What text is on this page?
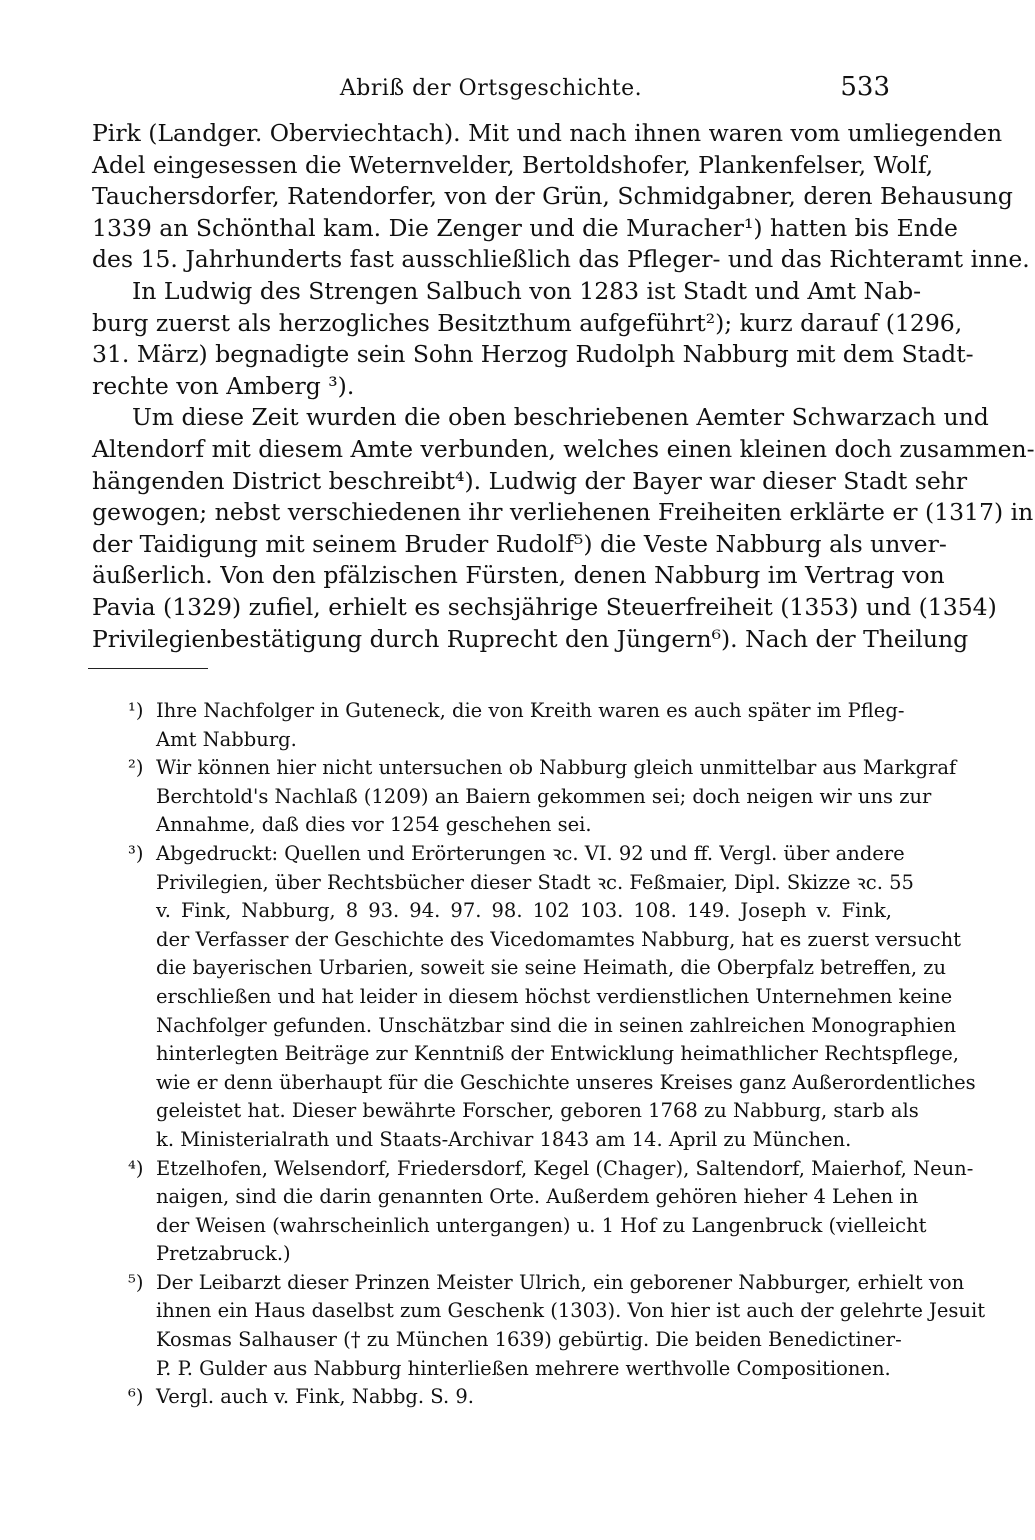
Abriß der Ortsgeschichte.	533
Pirk (Landger. Oberviechtach). Mit und nach ihnen waren vom umliegenden
Adel eingesessen die Weternvelder, Bertoldshofer, Plankenfelser, Wolf,
Tauchersdorfer, Ratendorfer, von der Grün, Schmidgabner, deren Behausung
1339 an Schönthal kam. Die Zenger und die Muracher¹) hatten bis Ende
des 15. Jahrhunderts fast ausschließlich das Pfleger- und das Richteramt inne.
In Ludwig des Strengen Salbuch von 1283 ist Stadt und Amt Nab-
burg zuerst als herzogliches Besitzthum aufgeführt²); kurz darauf (1296,
31. März) begnadigte sein Sohn Herzog Rudolph Nabburg mit dem Stadt-
rechte von Amberg ³).
Um diese Zeit wurden die oben beschriebenen Aemter Schwarzach und
Altendorf mit diesem Amte verbunden, welches einen kleinen doch zusammen-
hängenden District beschreibt⁴). Ludwig der Bayer war dieser Stadt sehr
gewogen; nebst verschiedenen ihr verliehenen Freiheiten erklärte er (1317) in
der Taidigung mit seinem Bruder Rudolf⁵) die Veste Nabburg als unver-
äußerlich. Von den pfälzischen Fürsten, denen Nabburg im Vertrag von
Pavia (1329) zufiel, erhielt es sechsjährige Steuerfreiheit (1353) und (1354)
Privilegienbestätigung durch Ruprecht den Jüngern⁶). Nach der Theilung
¹) Ihre Nachfolger in Guteneck, die von Kreith waren es auch später im Pfleg-
Amt Nabburg.
²) Wir können hier nicht untersuchen ob Nabburg gleich unmittelbar aus Markgraf
Berchtold's Nachlaß (1209) an Baiern gekommen sei; doch neigen wir uns zur
Annahme, daß dies vor 1254 geschehen sei.
³) Abgedruckt: Quellen und Erörterungen ꝛc. VI. 92 und ff. Vergl. über andere
Privilegien, über Rechtsbücher dieser Stadt ꝛc. Feßmaier, Dipl. Skizze ꝛc. 55
v. Fink, Nabburg, 8 93. 94. 97. 98. 102 103. 108. 149. Joseph v. Fink,
der Verfasser der Geschichte des Vicedomamtes Nabburg, hat es zuerst versucht
die bayerischen Urbarien, soweit sie seine Heimath, die Oberpfalz betreffen, zu
erschließen und hat leider in diesem höchst verdienstlichen Unternehmen keine
Nachfolger gefunden. Unschätzbar sind die in seinen zahlreichen Monographien
hinterlegten Beiträge zur Kenntniß der Entwicklung heimathlicher Rechtspflege,
wie er denn überhaupt für die Geschichte unseres Kreises ganz Außerordentliches
geleistet hat. Dieser bewährte Forscher, geboren 1768 zu Nabburg, starb als
k. Ministerialrath und Staats-Archivar 1843 am 14. April zu München.
⁴) Etzelhofen, Welsendorf, Friedersdorf, Kegel (Chager), Saltendorf, Maierhof, Neun-
naigen, sind die darin genannten Orte. Außerdem gehören hieher 4 Lehen in
der Weisen (wahrscheinlich untergangen) u. 1 Hof zu Langenbruck (vielleicht
Pretzabruck.)
⁵) Der Leibarzt dieser Prinzen Meister Ulrich, ein geborener Nabburger, erhielt von
ihnen ein Haus daselbst zum Geschenk (1303). Von hier ist auch der gelehrte Jesuit
Kosmas Salhauser († zu München 1639) gebürtig. Die beiden Benedictiner-
P. P. Gulder aus Nabburg hinterließen mehrere werthvolle Compositionen.
⁶) Vergl. auch v. Fink, Nabbg. S. 9.
